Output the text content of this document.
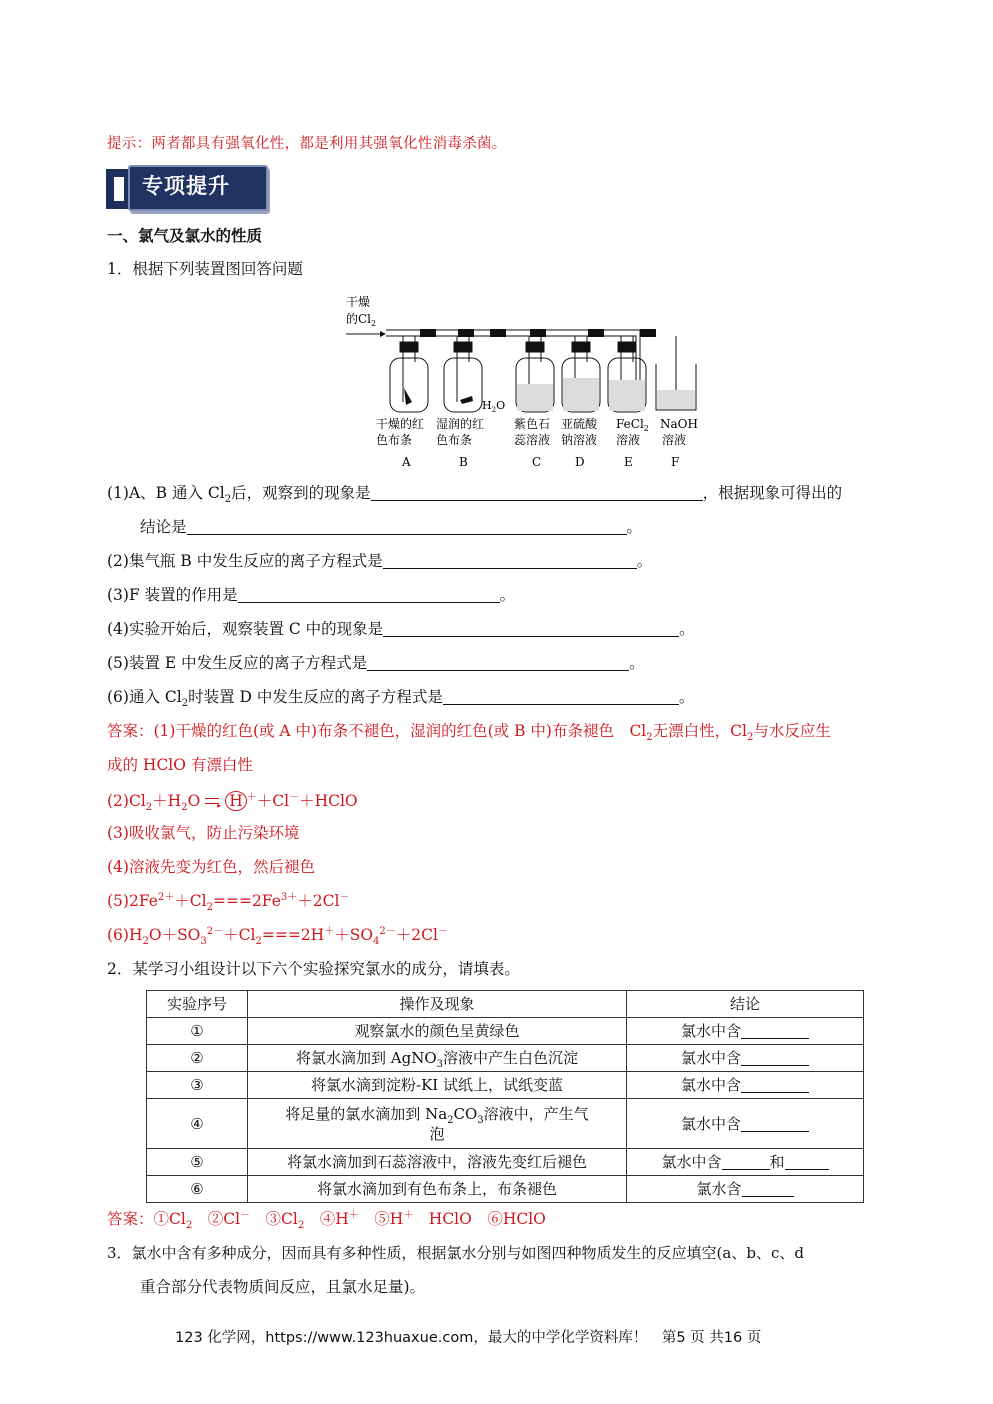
提示：两者都具有强氧化性，都是利用其强氧化性消毒杀菌。
专项提升
一、氯气及氯水的性质
1．根据下列装置图回答问题
干燥
的$Cl_2$
$H_2O$
干燥的红
色布条
A
湿润的红
色布条
B
紫色石
蕊溶液
C
亚硫酸
钠溶液
D
FeCl$_2$
溶液
E
NaOH
溶液
F
(1)A、B 通入 $Cl_2$后，观察到的现象是	，根据现象可得出的
结论是	。
(2)集气瓶 B 中发生反应的离子方程式是	。
(3)F 装置的作用是	。
(4)实验开始后，观察装置 C 中的现象是	。
(5)装置 E 中发生反应的离子方程式是	。
(6)通入 $Cl_2$时装置 D 中发生反应的离子方程式是	。
答案：(1)干燥的红色(或 A 中)布条不褪色，湿润的红色(或 B 中)布条褪色　$Cl_2$无漂白性，$Cl_2$与水反应生
成的 HClO 有漂白性
$(2)Cl_2+H_2O$ ▸ H ＋＋Cl－＋HClO
(3)吸收氯气，防止污染环境
(4)溶液先变为红色，然后褪色
$(5)2Fe^{2+}+Cl_2===2Fe^{3+}+2Cl^-$
$(6)H_2O+SO_3^{2-}+Cl_2===2H^++SO_4^{2-}+2Cl^-$
2．某学习小组设计以下六个实验探究氯水的成分，请填表。
实验序号	操作及现象	结论
①	观察氯水的颜色呈黄绿色	氯水中含
②	将氯水滴加到 AgNO$_3$溶液中产生白色沉淀	氯水中含
③	将氯水滴到淀粉-KI 试纸上，试纸变蓝	氯水中含
④	将足量的氯水滴加到 $Na_2CO_3$溶液中，产生气
泡	氯水中含
⑤	将氯水滴加到石蕊溶液中，溶液先变红后褪色	氯水中含 和
⑥	将氯水滴加到有色布条上，布条褪色	氯水含
答案：$①Cl_2$　②Cl－　$③Cl_2$　④H＋　⑤H＋　HClO　⑥HClO
3．氯水中含有多种成分，因而具有多种性质，根据氯水分别与如图四种物质发生的反应填空(a、b、c、d
重合部分代表物质间反应，且氯水足量)。
123 化学网，https://www.123huaxue.com，最大的中学化学资料库！　第5 页 共16 页
